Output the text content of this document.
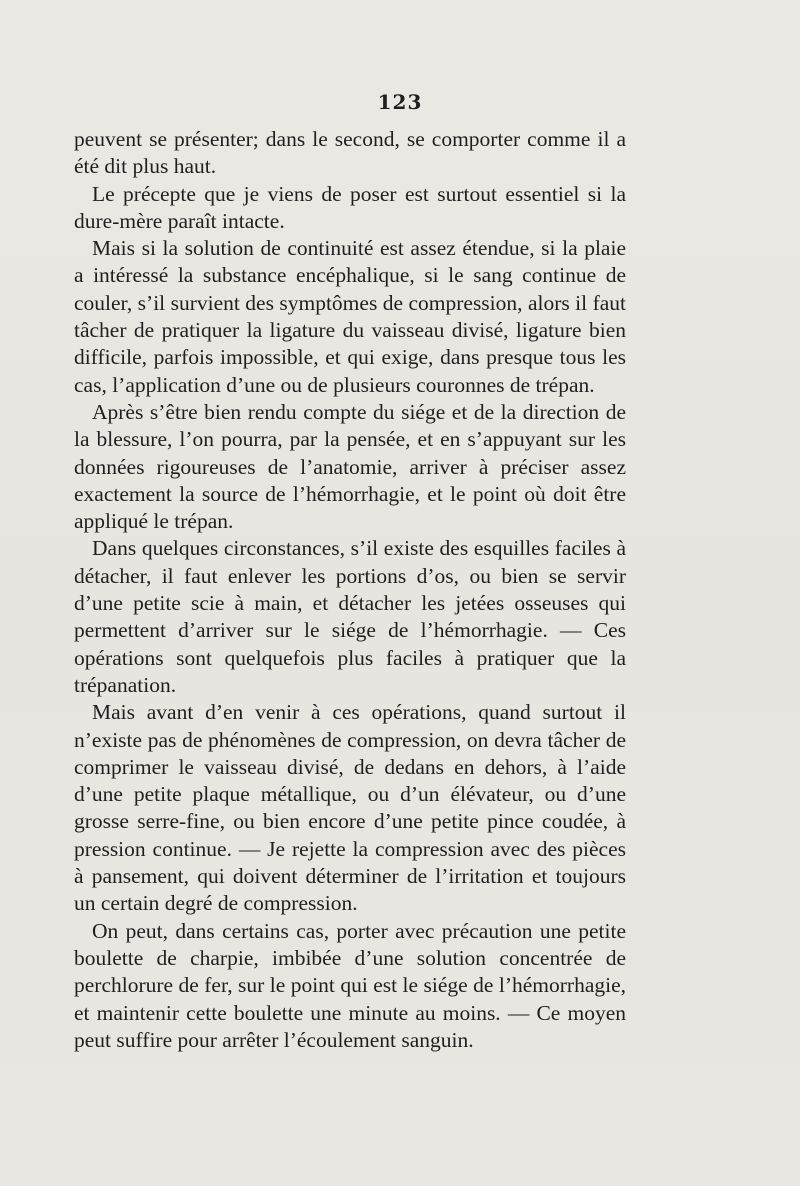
123

peuvent se présenter; dans le second, se comporter comme il a été dit plus haut.

Le précepte que je viens de poser est surtout essentiel si la dure-mère paraît intacte.

Mais si la solution de continuité est assez étendue, si la plaie a intéressé la substance encéphalique, si le sang continue de couler, s’il survient des symptômes de compression, alors il faut tâcher de pratiquer la ligature du vaisseau divisé, ligature bien difficile, parfois impossible, et qui exige, dans presque tous les cas, l’application d’une ou de plusieurs couronnes de trépan.

Après s’être bien rendu compte du siége et de la direction de la blessure, l’on pourra, par la pensée, et en s’appuyant sur les données rigoureuses de l’anatomie, arriver à préciser assez exactement la source de l’hémorrhagie, et le point où doit être appliqué le trépan.

Dans quelques circonstances, s’il existe des esquilles faciles à détacher, il faut enlever les portions d’os, ou bien se servir d’une petite scie à main, et détacher les jetées osseuses qui permettent d’arriver sur le siége de l’hémorrhagie. — Ces opérations sont quelquefois plus faciles à pratiquer que la trépanation.

Mais avant d’en venir à ces opérations, quand surtout il n’existe pas de phénomènes de compression, on devra tâcher de comprimer le vaisseau divisé, de dedans en dehors, à l’aide d’une petite plaque métallique, ou d’un élévateur, ou d’une grosse serre-fine, ou bien encore d’une petite pince coudée, à pression continue. — Je rejette la compression avec des pièces à pansement, qui doivent déterminer de l’irritation et toujours un certain degré de compression.

On peut, dans certains cas, porter avec précaution une petite boulette de charpie, imbibée d’une solution concentrée de perchlorure de fer, sur le point qui est le siége de l’hémorrhagie, et maintenir cette boulette une minute au moins. — Ce moyen peut suffire pour arrêter l’écoulement sanguin.
